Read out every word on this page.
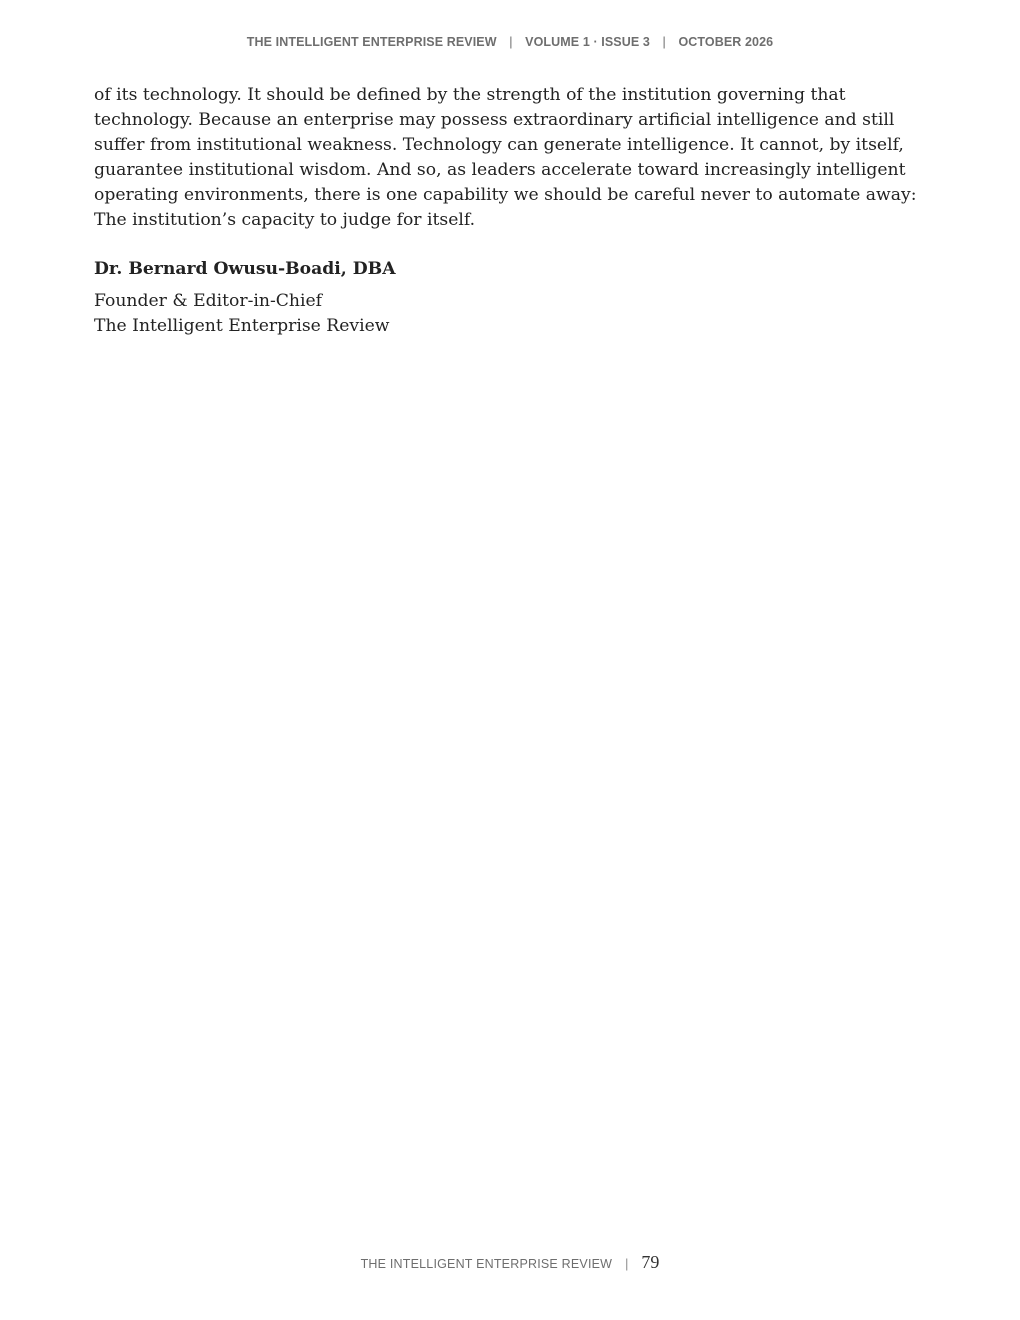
THE INTELLIGENT ENTERPRISE REVIEW | VOLUME 1 · ISSUE 3 | OCTOBER 2026

of its technology. It should be defined by the strength of the institution governing that technology. Because an enterprise may possess extraordinary artificial intelligence and still suffer from institutional weakness. Technology can generate intelligence. It cannot, by itself, guarantee institutional wisdom. And so, as leaders accelerate toward increasingly intelligent operating environments, there is one capability we should be careful never to automate away: The institution’s capacity to judge for itself.

Dr. Bernard Owusu-Boadi, DBA

Founder & Editor-in-Chief
The Intelligent Enterprise Review
THE INTELLIGENT ENTERPRISE REVIEW | 79
